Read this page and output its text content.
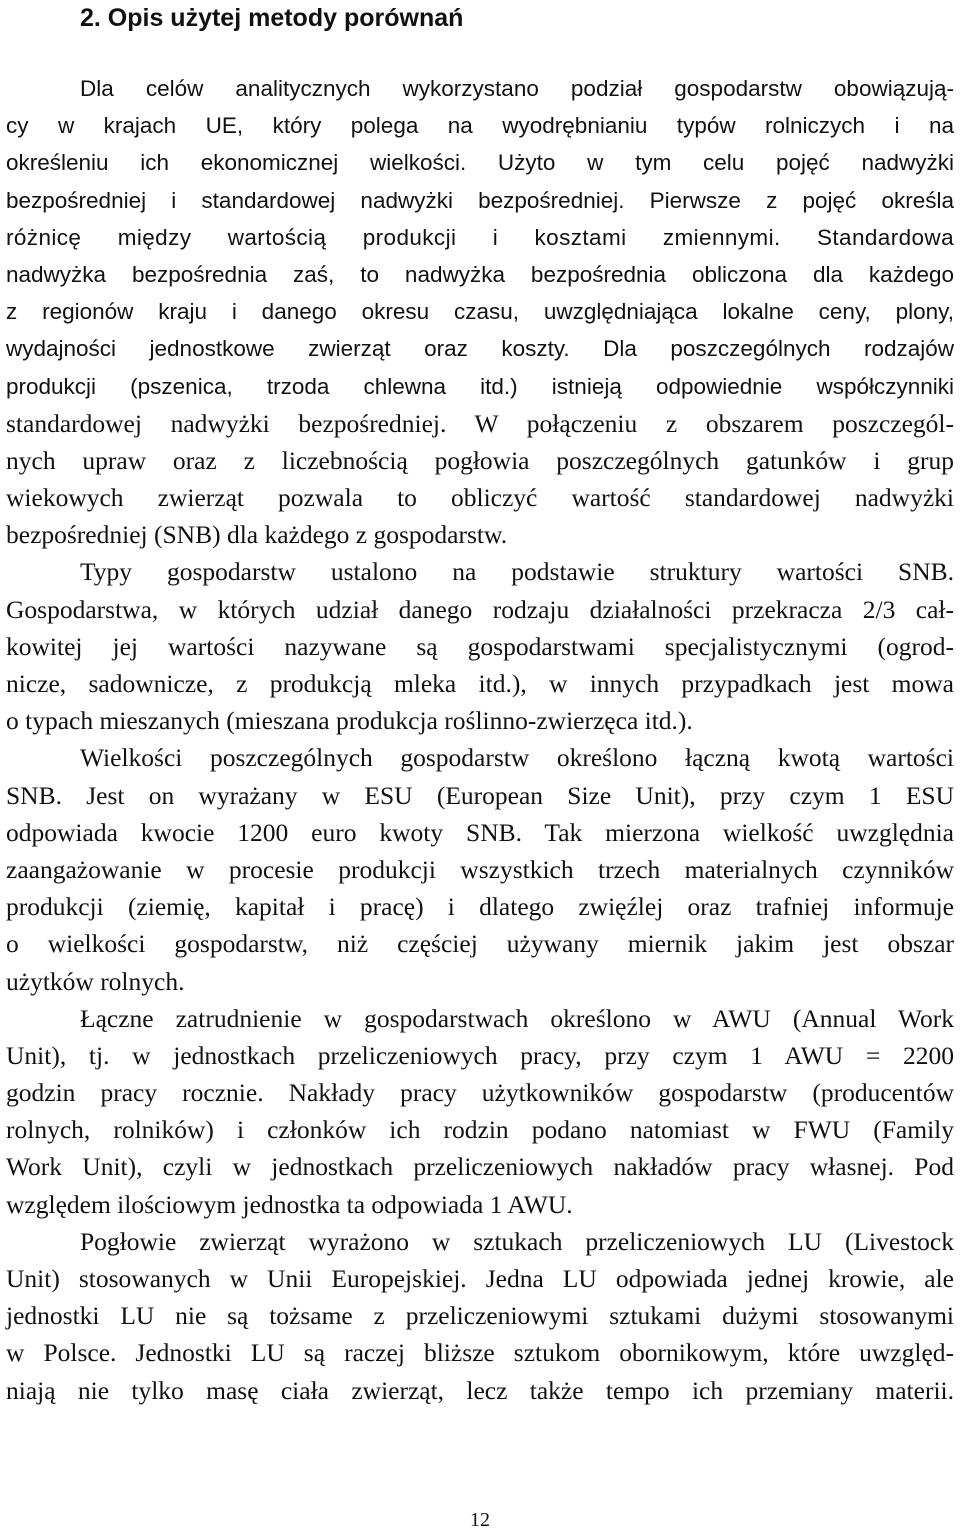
2. Opis użytej metody porównań
Dla celów analitycznych wykorzystano podział gospodarstw obowiązują-
cy w krajach UE, który polega na wyodrębnianiu typów rolniczych i na
określeniu ich ekonomicznej wielkości. Użyto w tym celu pojęć nadwyżki
bezpośredniej i standardowej nadwyżki bezpośredniej. Pierwsze z pojęć określa
różnicę między wartością produkcji i kosztami zmiennymi. Standardowa
nadwyżka bezpośrednia zaś, to nadwyżka bezpośrednia obliczona dla każdego
z regionów kraju i danego okresu czasu, uwzględniająca lokalne ceny, plony,
wydajności jednostkowe zwierząt oraz koszty. Dla poszczególnych rodzajów
produkcji (pszenica, trzoda chlewna itd.) istnieją odpowiednie współczynniki
standardowej nadwyżki bezpośredniej. W połączeniu z obszarem poszczegól-
nych upraw oraz z liczebnością pogłowia poszczególnych gatunków i grup
wiekowych zwierząt pozwala to obliczyć wartość standardowej nadwyżki
bezpośredniej (SNB) dla każdego z gospodarstw.
Typy gospodarstw ustalono na podstawie struktury wartości SNB.
Gospodarstwa, w których udział danego rodzaju działalności przekracza 2/3 cał-
kowitej jej wartości nazywane są gospodarstwami specjalistycznymi (ogrod-
nicze, sadownicze, z produkcją mleka itd.), w innych przypadkach jest mowa
o typach mieszanych (mieszana produkcja roślinno-zwierzęca itd.).
Wielkości poszczególnych gospodarstw określono łączną kwotą wartości
SNB. Jest on wyrażany w ESU (European Size Unit), przy czym 1 ESU
odpowiada kwocie 1200 euro kwoty SNB. Tak mierzona wielkość uwzględnia
zaangażowanie w procesie produkcji wszystkich trzech materialnych czynników
produkcji (ziemię, kapitał i pracę) i dlatego zwięźlej oraz trafniej informuje
o wielkości gospodarstw, niż częściej używany miernik jakim jest obszar
użytków rolnych.
Łączne zatrudnienie w gospodarstwach określono w AWU (Annual Work
Unit), tj. w jednostkach przeliczeniowych pracy, przy czym 1 AWU = 2200
godzin pracy rocznie. Nakłady pracy użytkowników gospodarstw (producentów
rolnych, rolników) i członków ich rodzin podano natomiast w FWU (Family
Work Unit), czyli w jednostkach przeliczeniowych nakładów pracy własnej. Pod
względem ilościowym jednostka ta odpowiada 1 AWU.
Pogłowie zwierząt wyrażono w sztukach przeliczeniowych LU (Livestock
Unit) stosowanych w Unii Europejskiej. Jedna LU odpowiada jednej krowie, ale
jednostki LU nie są tożsame z przeliczeniowymi sztukami dużymi stosowanymi
w Polsce. Jednostki LU są raczej bliższe sztukom obornikowym, które uwzględ-
niają nie tylko masę ciała zwierząt, lecz także tempo ich przemiany materii.
12
